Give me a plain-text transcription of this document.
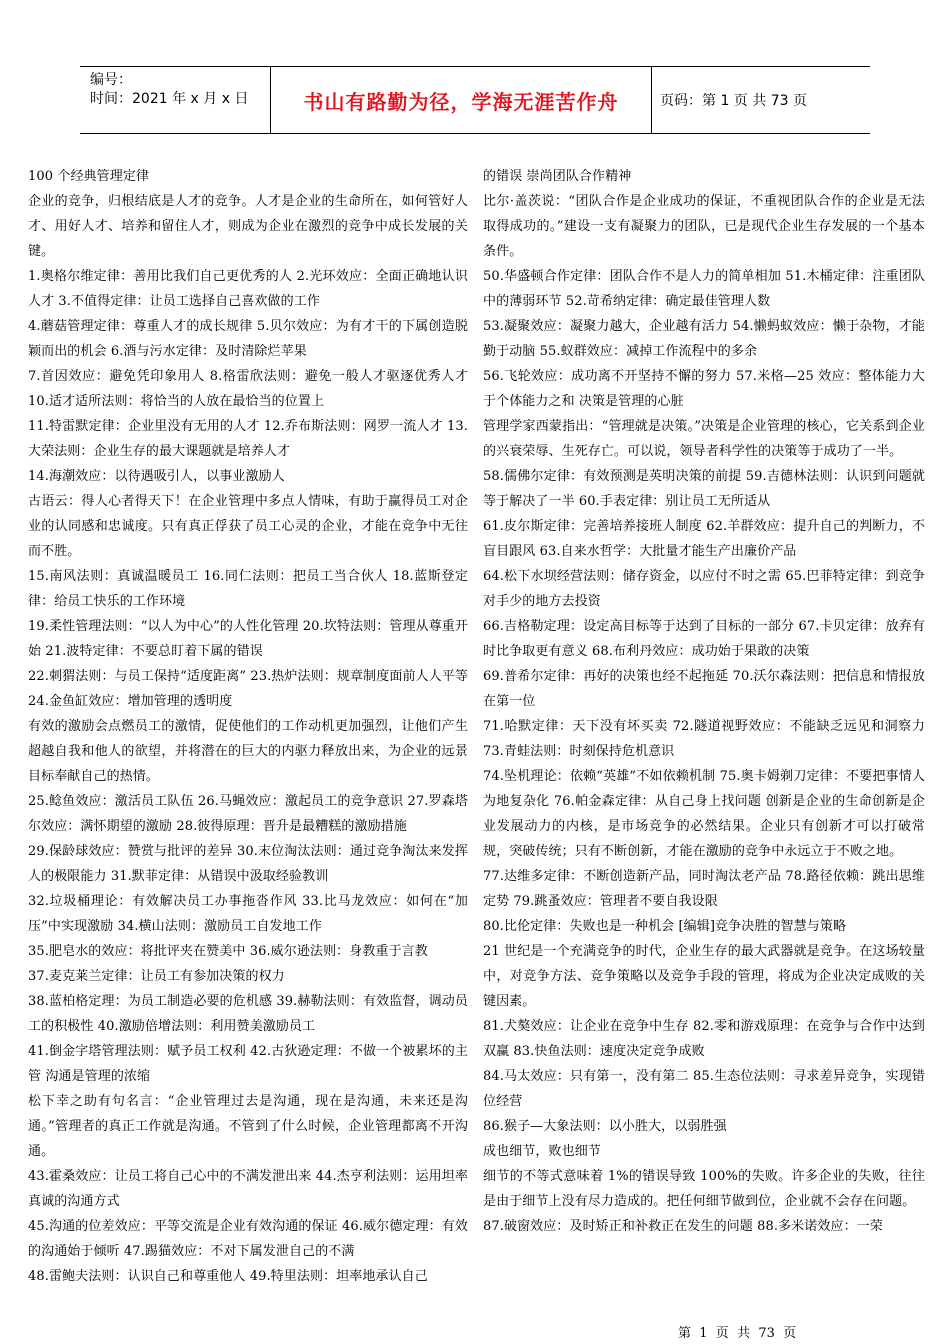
编号：
时间：2021 年 x 月 x 日	书山有路勤为径，学海无涯苦作舟	页码：第 1 页 共 73 页

100 个经典管理定律

企业的竞争，归根结底是人才的竞争。人才是企业的生命所在，如何管好人才、用好人才、培养和留住人才，则成为企业在激烈的竞争中成长发展的关键。

1.奥格尔维定律：善用比我们自己更优秀的人 2.光环效应：全面正确地认识人才 3.不值得定律：让员工选择自己喜欢做的工作

4.蘑菇管理定律：尊重人才的成长规律 5.贝尔效应：为有才干的下属创造脱颖而出的机会 6.酒与污水定律：及时清除烂苹果

7.首因效应：避免凭印象用人 8.格雷欣法则：避免一般人才驱逐优秀人才　 10.适才适所法则：将恰当的人放在最恰当的位置上

11.特雷默定律：企业里没有无用的人才 12.乔布斯法则：网罗一流人才 13.大荣法则：企业生存的最大课题就是培养人才

14.海潮效应：以待遇吸引人，以事业激励人

古语云：得人心者得天下！在企业管理中多点人情味，有助于赢得员工对企业的认同感和忠诚度。只有真正俘获了员工心灵的企业，才能在竞争中无往而不胜。

15.南风法则：真诚温暖员工 16.同仁法则：把员工当合伙人 18.蓝斯登定律：给员工快乐的工作环境

19.柔性管理法则：“以人为中心”的人性化管理 20.坎特法则：管理从尊重开始 21.波特定律：不要总盯着下属的错误

22.刺猬法则：与员工保持“适度距离” 23.热炉法则：规章制度面前人人平等 24.金鱼缸效应：增加管理的透明度

有效的激励会点燃员工的激情，促使他们的工作动机更加强烈，让他们产生超越自我和他人的欲望，并将潜在的巨大的内驱力释放出来，为企业的远景目标奉献自己的热情。

25.鲶鱼效应：激活员工队伍 26.马蝇效应：激起员工的竞争意识 27.罗森塔尔效应：满怀期望的激励 28.彼得原理：晋升是最糟糕的激励措施

29.保龄球效应：赞赏与批评的差异 30.末位淘汰法则：通过竞争淘汰来发挥人的极限能力 31.默菲定律：从错误中汲取经验教训

32.垃圾桶理论：有效解决员工办事拖沓作风 33.比马龙效应：如何在“加压”中实现激励 34.横山法则：激励员工自发地工作

35.肥皂水的效应：将批评夹在赞美中 36.威尔逊法则：身教重于言教

37.麦克莱兰定律：让员工有参加决策的权力

38.蓝柏格定理：为员工制造必要的危机感 39.赫勒法则：有效监督，调动员工的积极性 40.激励倍增法则：利用赞美激励员工

41.倒金字塔管理法则：赋予员工权利 42.古狄逊定理：不做一个被累坏的主管 沟通是管理的浓缩

松下幸之助有句名言：“企业管理过去是沟通，现在是沟通，未来还是沟通。”管理者的真正工作就是沟通。不管到了什么时候，企业管理都离不开沟通。

43.霍桑效应：让员工将自己心中的不满发泄出来 44.杰亨利法则：运用坦率真诚的沟通方式

45.沟通的位差效应：平等交流是企业有效沟通的保证 46.威尔德定理：有效的沟通始于倾听 47.踢猫效应：不对下属发泄自己的不满

48.雷鲍夫法则：认识自己和尊重他人 49.特里法则：坦率地承认自己

的错误 崇尚团队合作精神

比尔·盖茨说：“团队合作是企业成功的保证，不重视团队合作的企业是无法取得成功的。”建设一支有凝聚力的团队，已是现代企业生存发展的一个基本条件。

50.华盛顿合作定律：团队合作不是人力的简单相加 51.木桶定律：注重团队中的薄弱环节 52.苛希纳定律：确定最佳管理人数

53.凝聚效应：凝聚力越大，企业越有活力 54.懒蚂蚁效应：懒于杂物，才能勤于动脑 55.蚁群效应：减掉工作流程中的多余

56.飞轮效应：成功离不开坚持不懈的努力 57.米格—25 效应：整体能力大于个体能力之和 决策是管理的心脏

管理学家西蒙指出：“管理就是决策。”决策是企业管理的核心，它关系到企业的兴衰荣辱、生死存亡。可以说，领导者科学性的决策等于成功了一半。

58.儒佛尔定律：有效预测是英明决策的前提 59.吉德林法则：认识到问题就等于解决了一半 60.手表定律：别让员工无所适从

61.皮尔斯定律：完善培养接班人制度 62.羊群效应：提升自己的判断力，不盲目跟风 63.自来水哲学：大批量才能生产出廉价产品

64.松下水坝经营法则：储存资金，以应付不时之需 65.巴菲特定律：到竞争对手少的地方去投资

66.吉格勒定理：设定高目标等于达到了目标的一部分 67.卡贝定律：放弃有时比争取更有意义 68.布利丹效应：成功始于果敢的决策

69.普希尔定律：再好的决策也经不起拖延 70.沃尔森法则：把信息和情报放在第一位

71.哈默定律：天下没有坏买卖 72.隧道视野效应：不能缺乏远见和洞察力　 73.青蛙法则：时刻保持危机意识

74.坠机理论：依赖“英雄”不如依赖机制 75.奥卡姆剃刀定律：不要把事情人为地复杂化 76.帕金森定律：从自己身上找问题 创新是企业的生命创新是企业发展动力的内核，是市场竞争的必然结果。企业只有创新才可以打破常规，突破传统；只有不断创新，才能在激励的竞争中永远立于不败之地。

77.达维多定律：不断创造新产品，同时淘汰老产品 78.路径依赖：跳出思维定势 79.跳蚤效应：管理者不要自我设限

80.比伦定律：失败也是一种机会 [编辑]竞争决胜的智慧与策略

21 世纪是一个充满竞争的时代，企业生存的最大武器就是竞争。在这场较量中，对竞争方法、竞争策略以及竞争手段的管理，将成为企业决定成败的关键因素。

81.犬獒效应：让企业在竞争中生存 82.零和游戏原理：在竞争与合作中达到双赢 83.快鱼法则：速度决定竞争成败

84.马太效应：只有第一，没有第二 85.生态位法则：寻求差异竞争，实现错位经营

86.猴子—大象法则：以小胜大，以弱胜强

成也细节，败也细节

细节的不等式意味着 1%的错误导致 100%的失败。许多企业的失败，往往是由于细节上没有尽力造成的。把任何细节做到位，企业就不会存在问题。

87.破窗效应：及时矫正和补救正在发生的问题 88.多米诺效应：一荣

第  1  页  共  73  页
